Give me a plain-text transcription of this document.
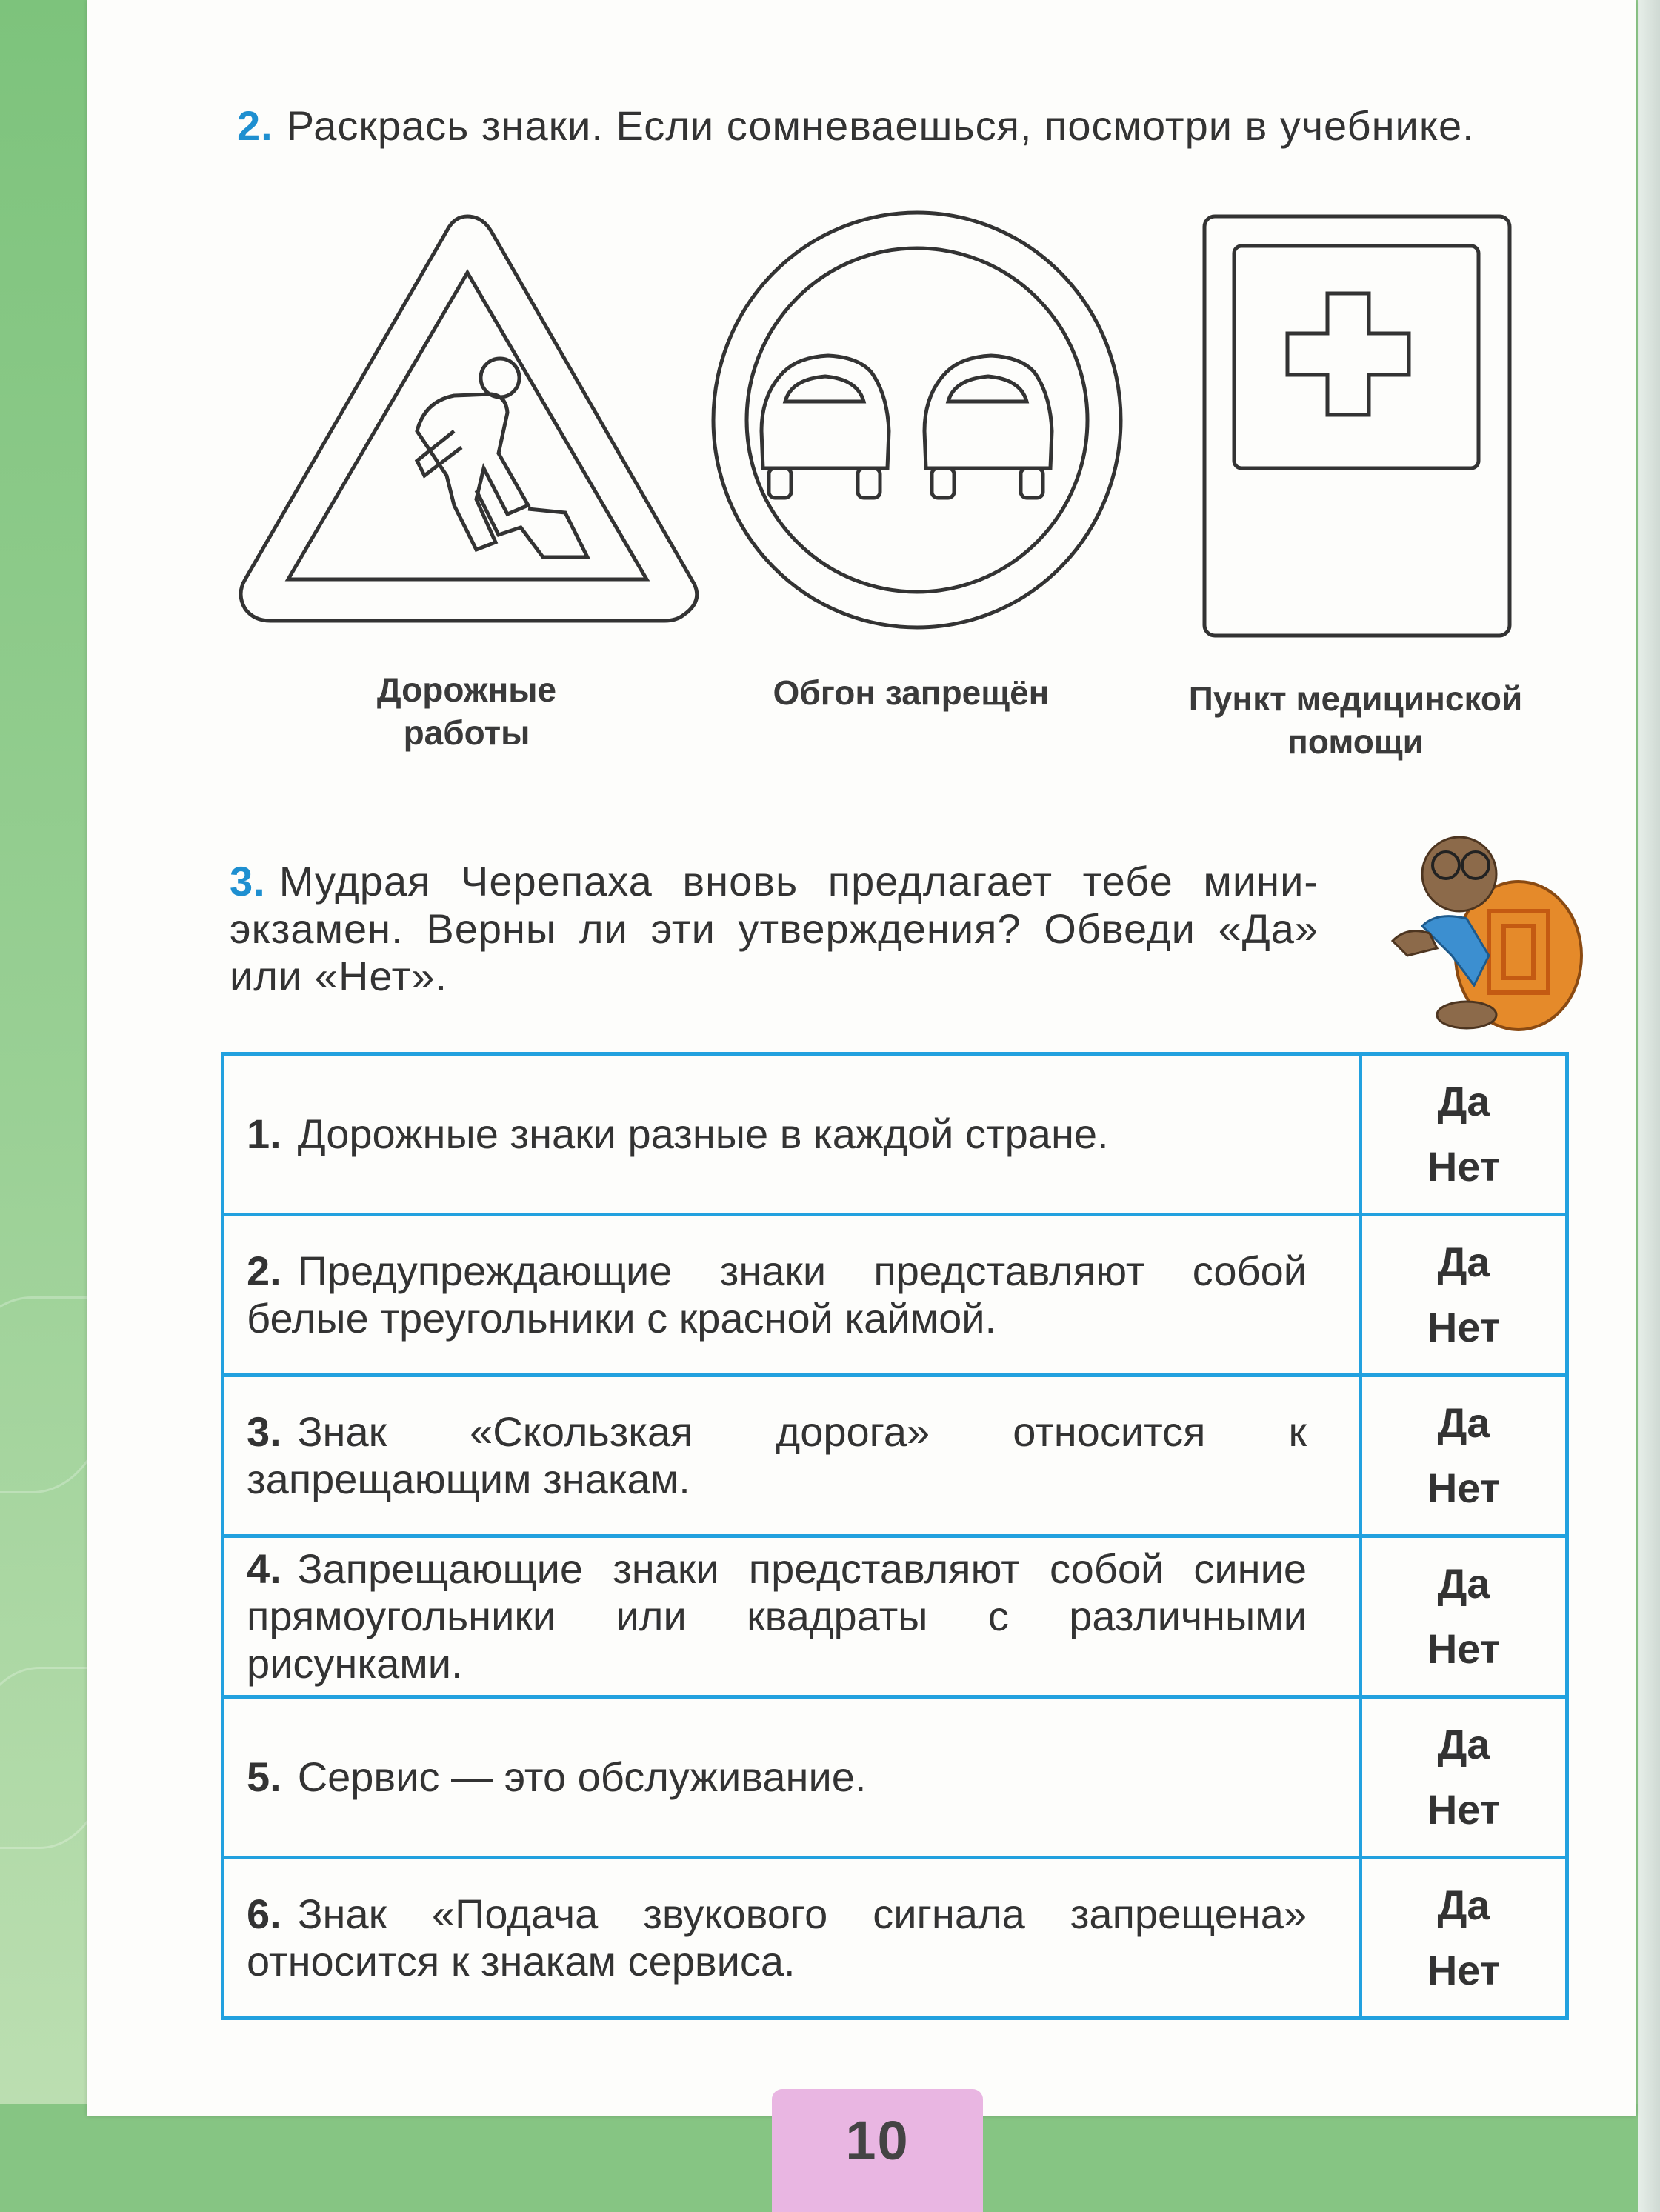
2. Раскрась знаки. Если сомневаешься, посмотри в учебнике.
Дорожные
работы
Обгон запрещён	Пункт медицинской
помощи
3. Мудрая Черепаха вновь предлагает тебе мини-экзамен. Верны ли эти утверждения? Обведи «Да» или «Нет».
1. Дорожные знаки разные в каждой стране.	Да
Нет

2. Предупреждающие знаки представляют собой белые треугольники с красной каймой.	Да
Нет

3. Знак «Скользкая дорога» относится к запрещающим знакам.	Да
Нет

4. Запрещающие знаки представляют собой синие прямоугольники или квадраты с различными рисунками.	Да
Нет

5. Сервис — это обслуживание.	Да
Нет

6. Знак «Подача звукового сигнала запрещена» относится к знакам сервиса.	Да
Нет
10
